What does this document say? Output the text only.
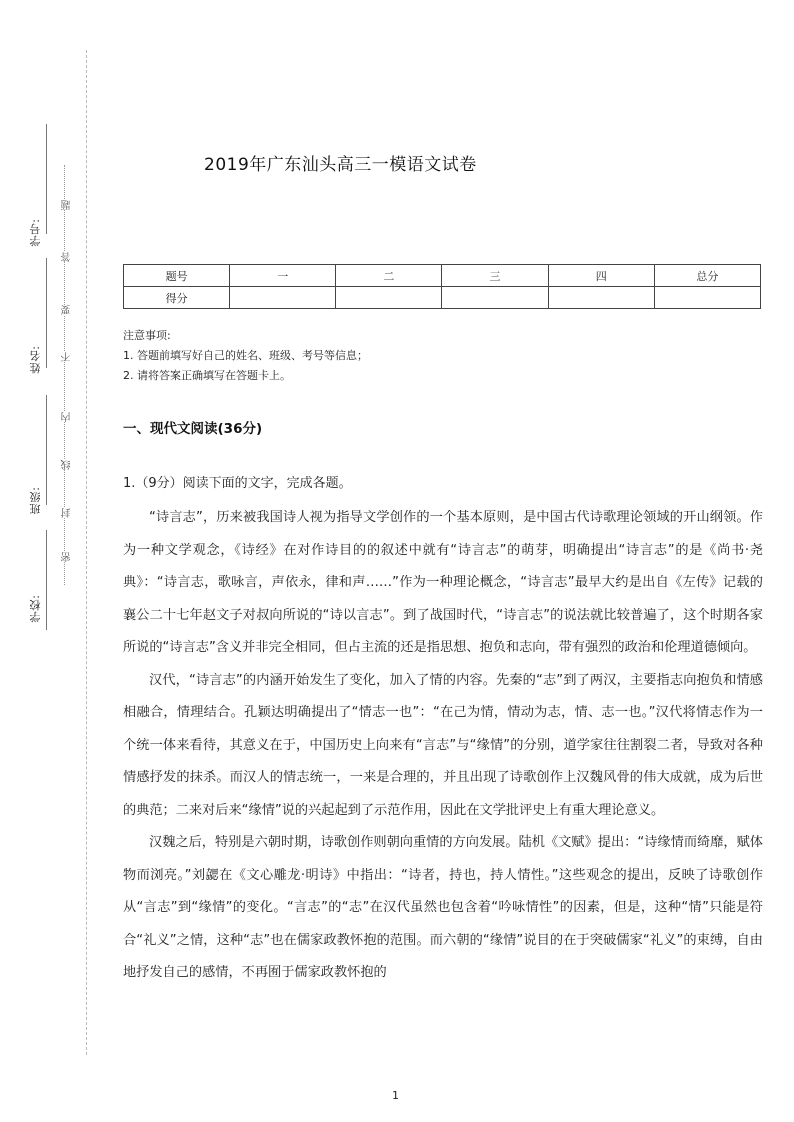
学号:
姓名:
班级:
学校:
密
封
线
内
不
要
答
题
2019年广东汕头高三一模语文试卷
题号	一	二	三	四	总分
得分					
注意事项:
1. 答题前填写好自己的姓名、班级、考号等信息；
2. 请将答案正确填写在答题卡上。
一、现代文阅读(36分)
1.（9分）阅读下面的文字，完成各题。

“诗言志”，历来被我国诗人视为指导文学创作的一个基本原则，是中国古代诗歌理论领域的开山纲领。作为一种文学观念，《诗经》在对作诗目的的叙述中就有“诗言志”的萌芽，明确提出“诗言志”的是《尚书·尧典》：“诗言志，歌咏言，声依永，律和声……”作为一种理论概念，“诗言志”最早大约是出自《左传》记载的襄公二十七年赵文子对叔向所说的“诗以言志”。到了战国时代，“诗言志”的说法就比较普遍了，这个时期各家所说的“诗言志”含义并非完全相同，但占主流的还是指思想、抱负和志向，带有强烈的政治和伦理道德倾向。

汉代，“诗言志”的内涵开始发生了变化，加入了情的内容。先秦的“志”到了两汉，主要指志向抱负和情感相融合，情理结合。孔颖达明确提出了“情志一也”：“在己为情，情动为志，情、志一也。”汉代将情志作为一个统一体来看待，其意义在于，中国历史上向来有“言志”与“缘情”的分别，道学家往往割裂二者，导致对各种情感抒发的抹杀。而汉人的情志统一，一来是合理的，并且出现了诗歌创作上汉魏风骨的伟大成就，成为后世的典范；二来对后来“缘情”说的兴起起到了示范作用，因此在文学批评史上有重大理论意义。

汉魏之后，特别是六朝时期，诗歌创作则朝向重情的方向发展。陆机《文赋》提出：“诗缘情而绮靡，赋体物而浏亮。”刘勰在《文心雕龙·明诗》中指出：“诗者，持也，持人情性。”这些观念的提出，反映了诗歌创作从“言志”到“缘情”的变化。“言志”的“志”在汉代虽然也包含着“吟咏情性”的因素，但是，这种“情”只能是符合“礼义”之情，这种“志”也在儒家政教怀抱的范围。而六朝的“缘情”说目的在于突破儒家“礼义”的束缚，自由地抒发自己的感情，不再囿于儒家政教怀抱的

1
